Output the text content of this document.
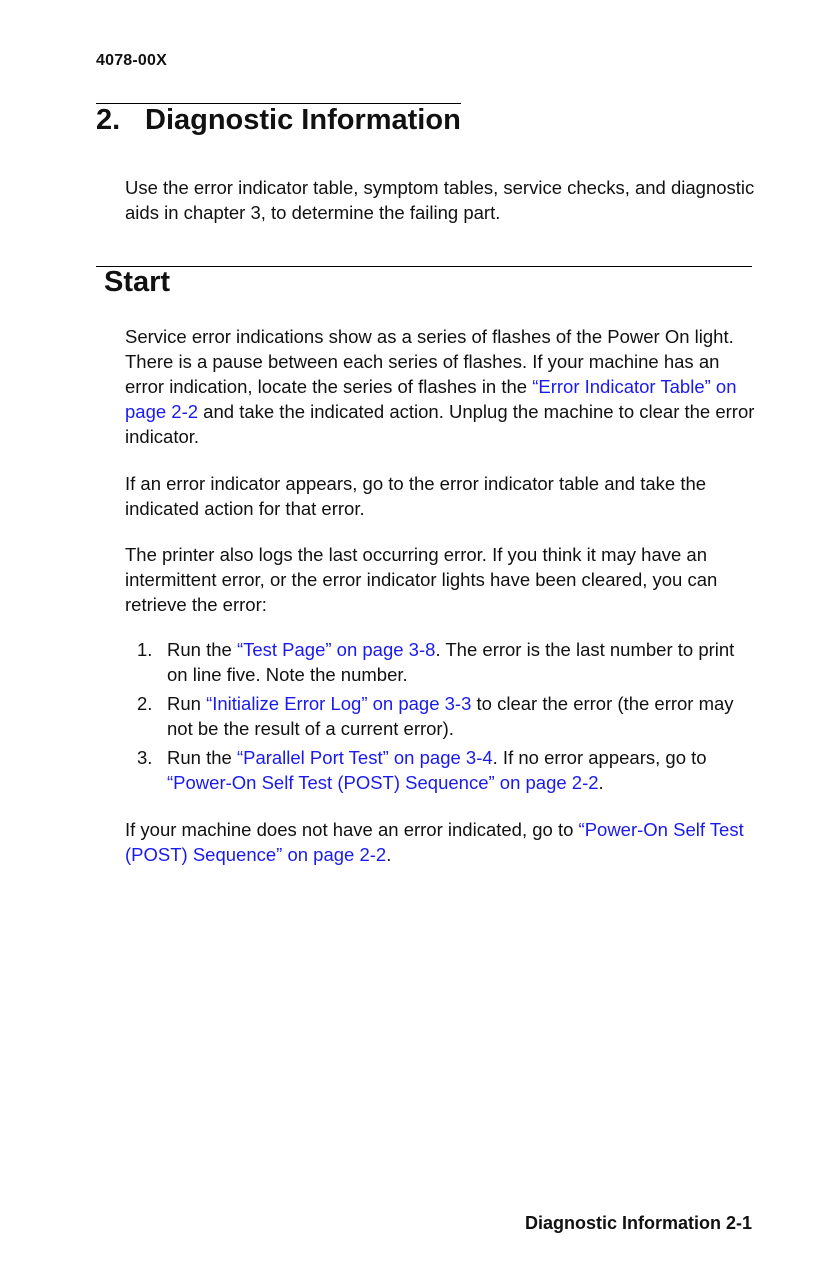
4078-00X
2. Diagnostic Information

Use the error indicator table, symptom tables, service checks, and diagnostic aids in chapter 3, to determine the failing part.

Start

Service error indications show as a series of flashes of the Power On light. There is a pause between each series of flashes. If your machine has an error indication, locate the series of flashes in the “Error Indicator Table” on page 2-2 and take the indicated action. Unplug the machine to clear the error indicator.

If an error indicator appears, go to the error indicator table and take the indicated action for that error.

The printer also logs the last occurring error. If you think it may have an intermittent error, or the error indicator lights have been cleared, you can retrieve the error:

1. Run the “Test Page” on page 3-8. The error is the last number to print on line five. Note the number.
2. Run “Initialize Error Log” on page 3-3 to clear the error (the error may not be the result of a current error).
3. Run the “Parallel Port Test” on page 3-4. If no error appears, go to “Power-On Self Test (POST) Sequence” on page 2-2.

If your machine does not have an error indicated, go to “Power-On Self Test (POST) Sequence” on page 2-2.

Diagnostic Information 2-1
